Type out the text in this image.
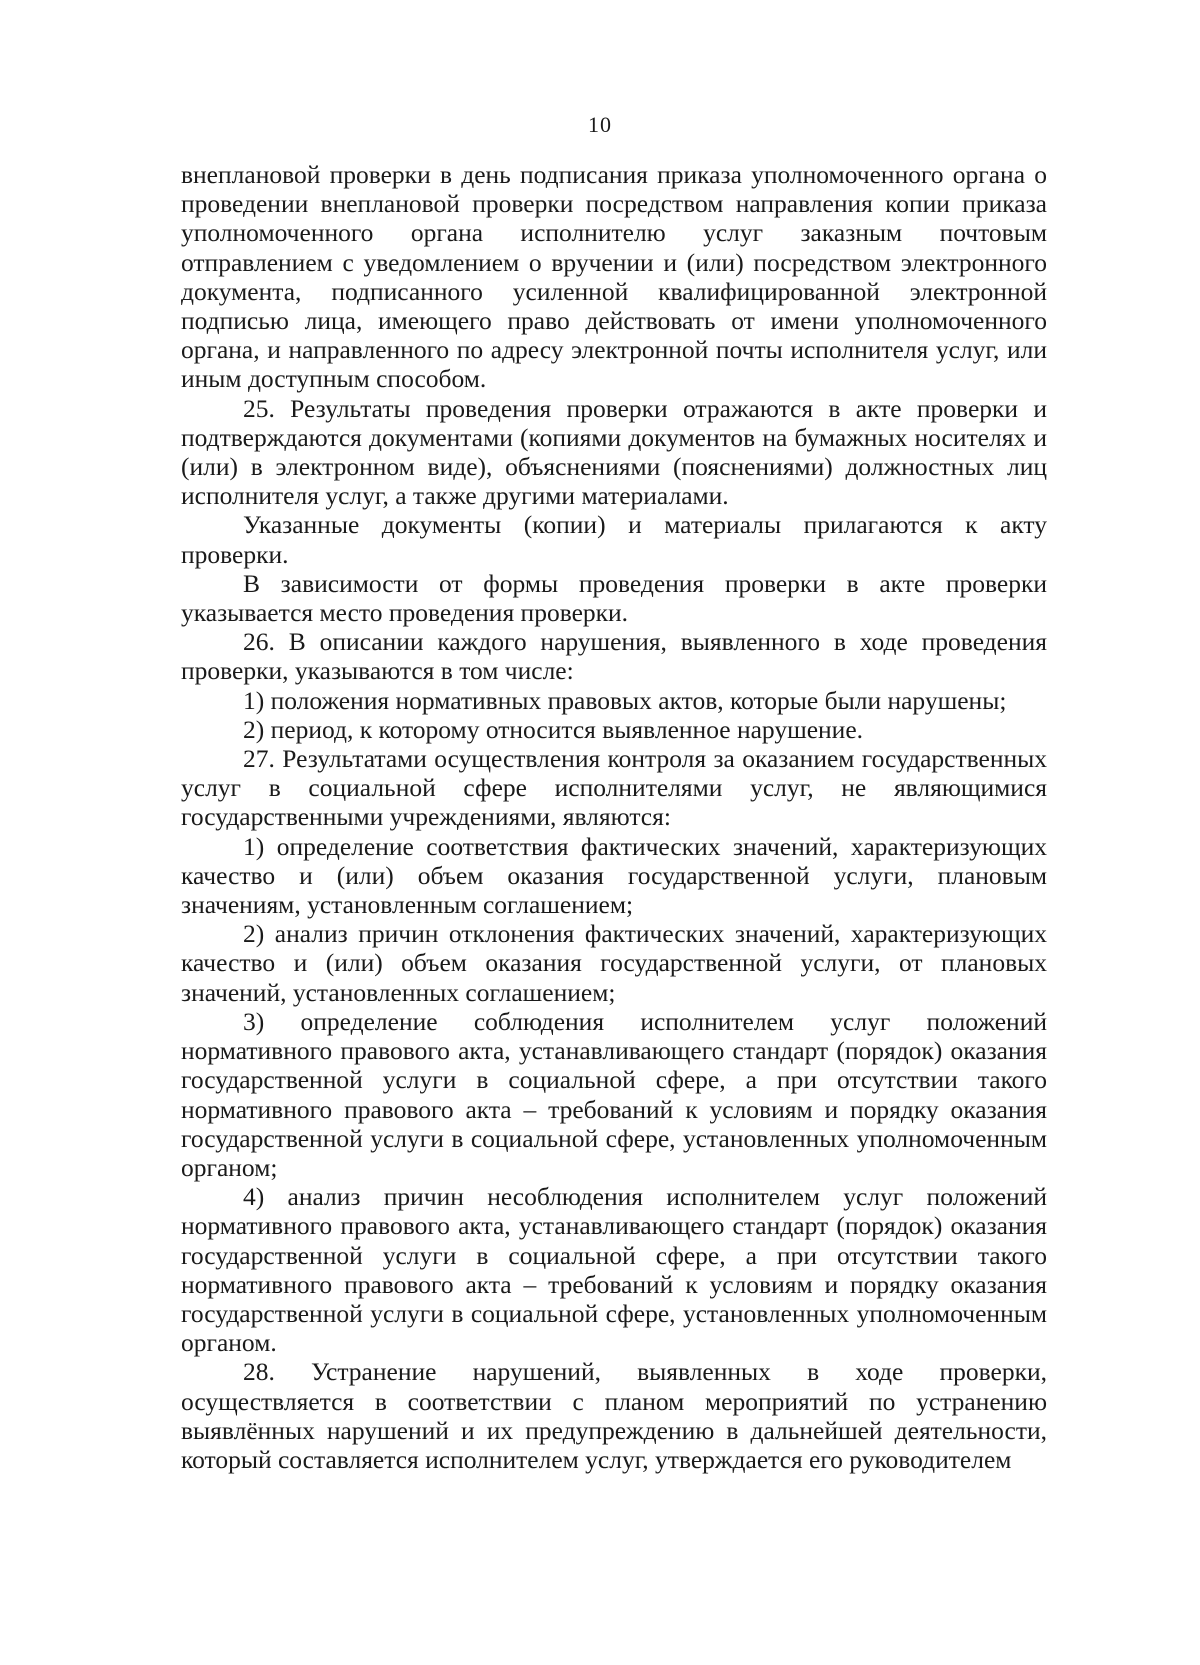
10

внеплановой проверки в день подписания приказа уполномоченного органа о проведении внеплановой проверки посредством направления копии приказа уполномоченного органа исполнителю услуг заказным почтовым отправлением с уведомлением о вручении и (или) посредством электронного документа, подписанного усиленной квалифицированной электронной подписью лица, имеющего право действовать от имени уполномоченного органа, и направленного по адресу электронной почты исполнителя услуг, или иным доступным способом.

25. Результаты проведения проверки отражаются в акте проверки и подтверждаются документами (копиями документов на бумажных носителях и (или) в электронном виде), объяснениями (пояснениями) должностных лиц исполнителя услуг, а также другими материалами.

Указанные документы (копии) и материалы прилагаются к акту проверки.

В зависимости от формы проведения проверки в акте проверки указывается место проведения проверки.

26. В описании каждого нарушения, выявленного в ходе проведения проверки, указываются в том числе:

1) положения нормативных правовых актов, которые были нарушены;

2) период, к которому относится выявленное нарушение.

27. Результатами осуществления контроля за оказанием государственных услуг в социальной сфере исполнителями услуг, не являющимися государственными учреждениями, являются:

1) определение соответствия фактических значений, характеризующих качество и (или) объем оказания государственной услуги, плановым значениям, установленным соглашением;

2) анализ причин отклонения фактических значений, характеризующих качество и (или) объем оказания государственной услуги, от плановых значений, установленных соглашением;

3) определение соблюдения исполнителем услуг положений нормативного правового акта, устанавливающего стандарт (порядок) оказания государственной услуги в социальной сфере, а при отсутствии такого нормативного правового акта – требований к условиям и порядку оказания государственной услуги в социальной сфере, установленных уполномоченным органом;

4) анализ причин несоблюдения исполнителем услуг положений нормативного правового акта, устанавливающего стандарт (порядок) оказания государственной услуги в социальной сфере, а при отсутствии такого нормативного правового акта – требований к условиям и порядку оказания государственной услуги в социальной сфере, установленных уполномоченным органом.

28. Устранение нарушений, выявленных в ходе проверки, осуществляется в соответствии с планом мероприятий по устранению выявлённых нарушений и их предупреждению в дальнейшей деятельности, который составляется исполнителем услуг, утверждается его руководителем
